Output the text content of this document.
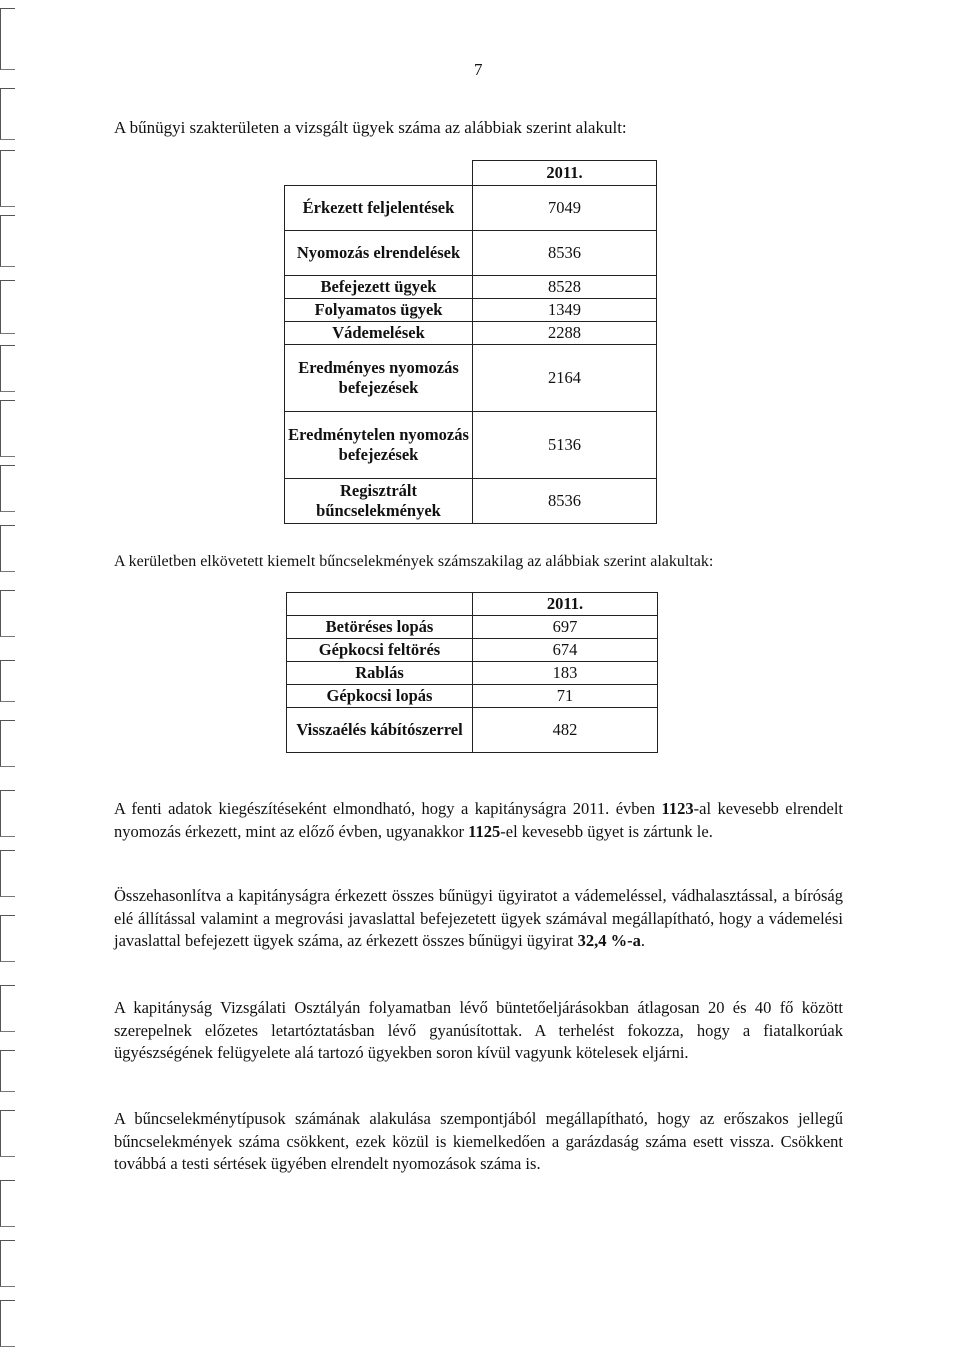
7
A bűnügyi szakterületen a vizsgált ügyek száma az alábbiak szerint alakult:
	2011.
Érkezett feljelentések	7049
Nyomozás elrendelések	8536
Befejezett ügyek	8528
Folyamatos ügyek	1349
Vádemelések	2288
Eredményes nyomozás befejezések	2164
Eredménytelen nyomozás befejezések	5136
Regisztrált bűncselekmények	8536
A kerületben elkövetett kiemelt bűncselekmények számszakilag az alábbiak szerint alakultak:
	2011.
Betöréses lopás	697
Gépkocsi feltörés	674
Rablás	183
Gépkocsi lopás	71
Visszaélés kábítószerrel	482
A fenti adatok kiegészítéseként elmondható, hogy a kapitányságra 2011. évben 1123-al kevesebb elrendelt nyomozás érkezett, mint az előző évben, ugyanakkor 1125-el kevesebb ügyet is zártunk le.
Összehasonlítva a kapitányságra érkezett összes bűnügyi ügyiratot a vádemeléssel, vádhalasztással, a bíróság elé állítással valamint a megrovási javaslattal befejezetett ügyek számával megállapítható, hogy a vádemelési javaslattal befejezett ügyek száma, az érkezett összes bűnügyi ügyirat 32,4 %-a.
A kapitányság Vizsgálati Osztályán folyamatban lévő büntetőeljárásokban átlagosan 20 és 40 fő között szerepelnek előzetes letartóztatásban lévő gyanúsítottak. A terhelést fokozza, hogy a fiatalkorúak ügyészségének felügyelete alá tartozó ügyekben soron kívül vagyunk kötelesek eljárni.
A bűncselekménytípusok számának alakulása szempontjából megállapítható, hogy az erőszakos jellegű bűncselekmények száma csökkent, ezek közül is kiemelkedően a garázdaság száma esett vissza. Csökkent továbbá a testi sértések ügyében elrendelt nyomozások száma is.
